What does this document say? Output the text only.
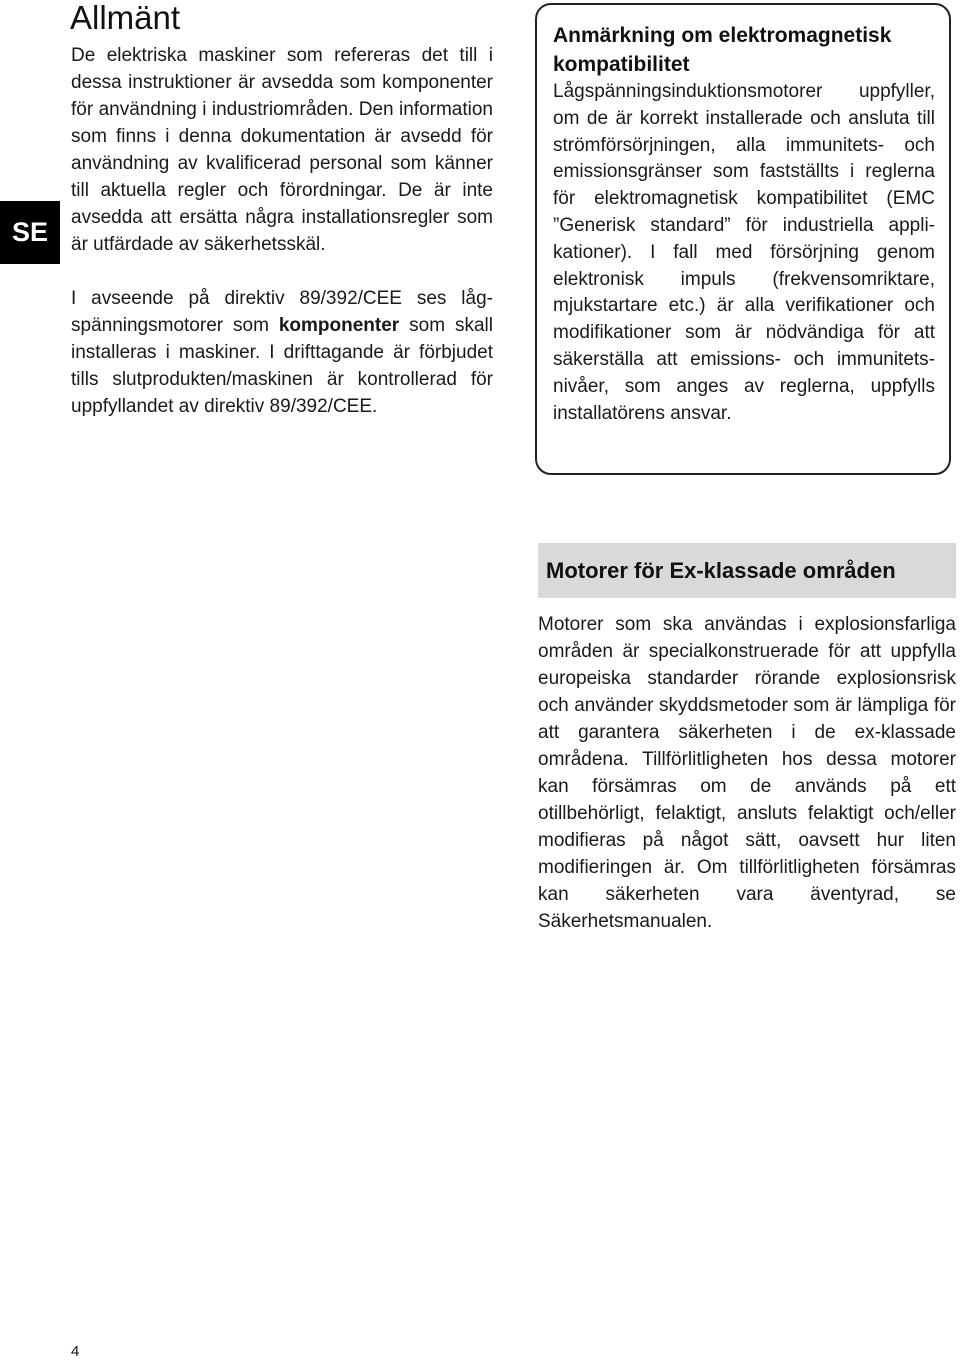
SE
Allmänt

De elektriska maskiner som refereras det till i dessa instruktioner är avsedda som komponenter för användning i industriområden. Den information som finns i denna dokumentation är avsedd för användning av kvalificerad personal som känner till aktuella regler och förordningar. De är inte avsedda att ersätta några installationsregler som är utfärdade av säkerhetsskäl.

I avseende på direktiv 89/392/CEE ses lågspänningsmotorer som komponenter som skall installeras i maskiner. I drifttagande är förbjudet tills slutprodukten/maskinen är kontrollerad för uppfyllandet av direktiv 89/392/CEE.

Anmärkning om elektromagnetisk kompatibilitet

Lågspänningsinduktionsmotorer uppfyller, om de är korrekt installerade och ansluta till strömförsörjningen, alla immunitets- och emissionsgränser som fastställts i reglerna för elektromagnetisk kompatibilitet (EMC ”Generisk standard” för industriella applikationer). I fall med försörjning genom elektronisk impuls (frekvensomriktare, mjukstartare etc.) är alla verifikationer och modifikationer som är nödvändiga för att säkerställa att emissions- och immunitetsnivåer, som anges av reglerna, uppfylls installatörens ansvar.

Motorer för Ex-klassade områden

Motorer som ska användas i explosionsfarliga områden är specialkonstruerade för att uppfylla europeiska standarder rörande explosionsrisk och använder skyddsmetoder som är lämpliga för att garantera säkerheten i de ex-klassade områdena. Tillförlitligheten hos dessa motorer kan försämras om de används på ett otillbehörligt, felaktigt, ansluts felaktigt och/eller modifieras på något sätt, oavsett hur liten modifieringen är. Om tillförlitligheten försämras kan säkerheten vara äventyrad, se Säkerhetsmanualen.

4
